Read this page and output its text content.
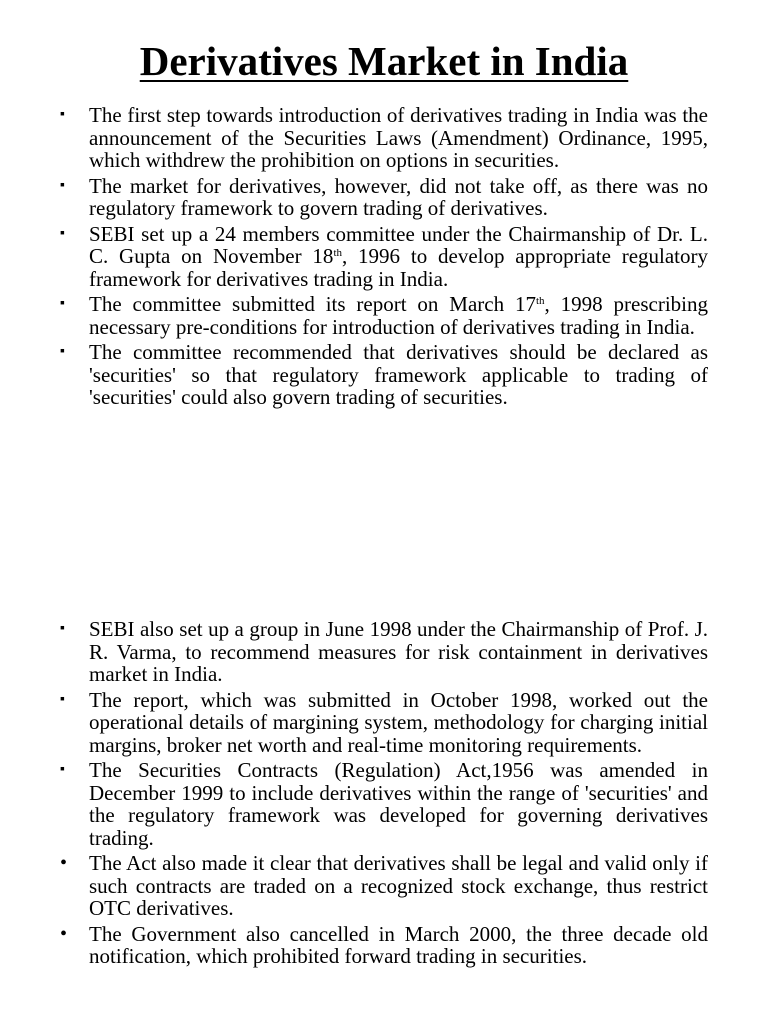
Derivatives Market in India
▪	The first step towards introduction of derivatives trading in India was the announcement of the Securities Laws (Amendment) Ordinance, 1995, which withdrew the prohibition on options in securities.
▪	The market for derivatives, however, did not take off, as there was no regulatory framework to govern trading of derivatives.
▪	SEBI set up a 24 members committee under the Chairmanship of Dr. L. C. Gupta on November 18th, 1996 to develop appropriate regulatory framework for derivatives trading in India.
▪	The committee submitted its report on March 17th, 1998 prescribing necessary pre-conditions for introduction of derivatives trading in India.
▪	The committee recommended that derivatives should be declared as 'securities' so that regulatory framework applicable to trading of 'securities' could also govern trading of securities.
▪	SEBI also set up a group in June 1998 under the Chairmanship of Prof. J. R. Varma, to recommend measures for risk containment in derivatives market in India.
▪	The report, which was submitted in October 1998, worked out the operational details of margining system, methodology for charging initial margins, broker net worth and real-time monitoring requirements.
▪	The Securities Contracts (Regulation) Act,1956 was amended in December 1999 to include derivatives within the range of 'securities' and the regulatory framework was developed for governing derivatives trading.
•	The Act also made it clear that derivatives shall be legal and valid only if such contracts are traded on a recognized stock exchange, thus restrict OTC derivatives.
•	The Government also cancelled in March 2000, the three decade old notification, which prohibited forward trading in securities.
